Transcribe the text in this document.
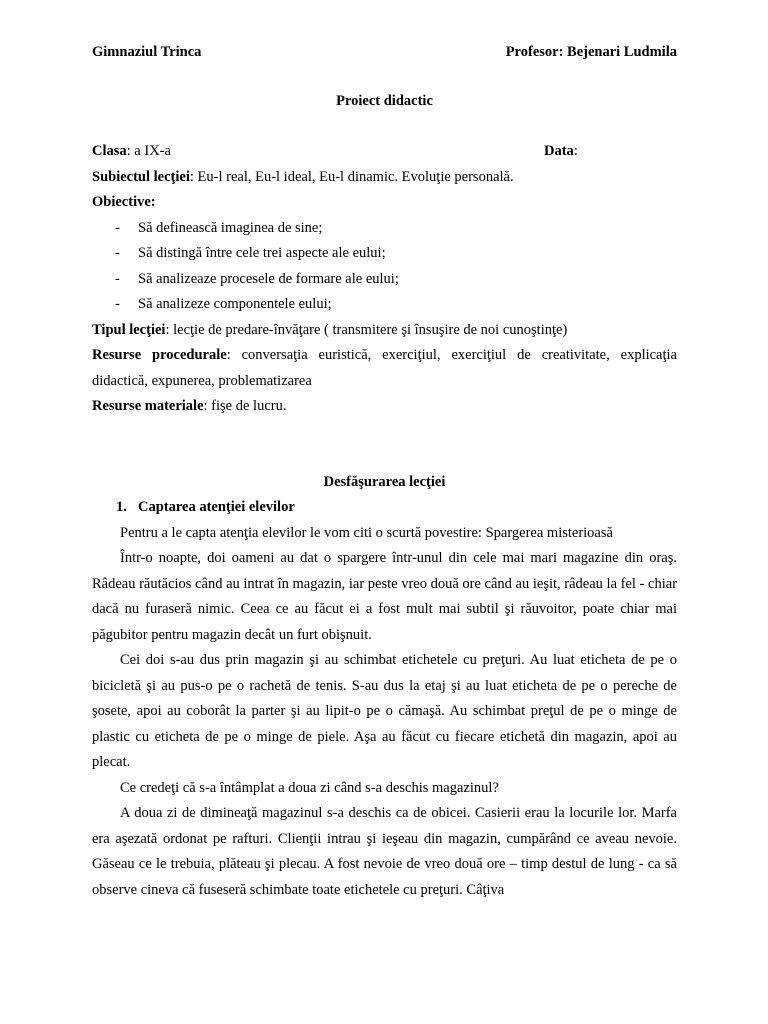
Gimnaziul Trinca	Profesor: Bejenari Ludmila
Proiect didactic
Clasa: a IX-a	Data:
Subiectul lecţiei: Eu-l real, Eu-l ideal, Eu-l dinamic. Evoluţie personală.
Obiective:
- Să definească imaginea de sine;
- Să distingă între cele trei aspecte ale eului;
- Să analizeaze procesele de formare ale eului;
- Să analizeze componentele eului;
Tipul lecţiei: lecţie de predare-învăţare ( transmitere şi însuşire de noi cunoştinţe)
Resurse procedurale: conversaţia euristică, exerciţiul, exerciţiul de creativitate, explicaţia didactică, expunerea, problematizarea
Resurse materiale: fişe de lucru.
Desfăşurarea lecţiei
1. Captarea atenţiei elevilor
Pentru a le capta atenţia elevilor le vom citi o scurtă povestire: Spargerea misterioasă
Într-o noapte, doi oameni au dat o spargere într-unul din cele mai mari magazine din oraş. Râdeau răutăcios când au intrat în magazin, iar peste vreo două ore când au ieşit, râdeau la fel - chiar dacă nu furaseră nimic. Ceea ce au făcut ei a fost mult mai subtil şi răuvoitor, poate chiar mai păgubitor pentru magazin decât un furt obişnuit.
Cei doi s-au dus prin magazin şi au schimbat etichetele cu preţuri. Au luat eticheta de pe o bicicletă şi au pus-o pe o rachetă de tenis. S-au dus la etaj şi au luat eticheta de pe o pereche de şosete, apoi au coborât la parter şi au lipit-o pe o cămaşă. Au schimbat preţul de pe o minge de plastic cu eticheta de pe o minge de piele. Aşa au făcut cu fiecare etichetă din magazin, apoi au plecat.
Ce credeţi că s-a întâmplat a doua zi când s-a deschis magazinul?
A doua zi de dimineaţă magazinul s-a deschis ca de obicei. Casierii erau la locurile lor. Marfa era aşezată ordonat pe rafturi. Clienţii intrau şi ieşeau din magazin, cumpărând ce aveau nevoie. Găseau ce le trebuia, plăteau şi plecau. A fost nevoie de vreo două ore – timp destul de lung - ca să observe cineva că fuseseră schimbate toate etichetele cu preţuri. Câţiva
